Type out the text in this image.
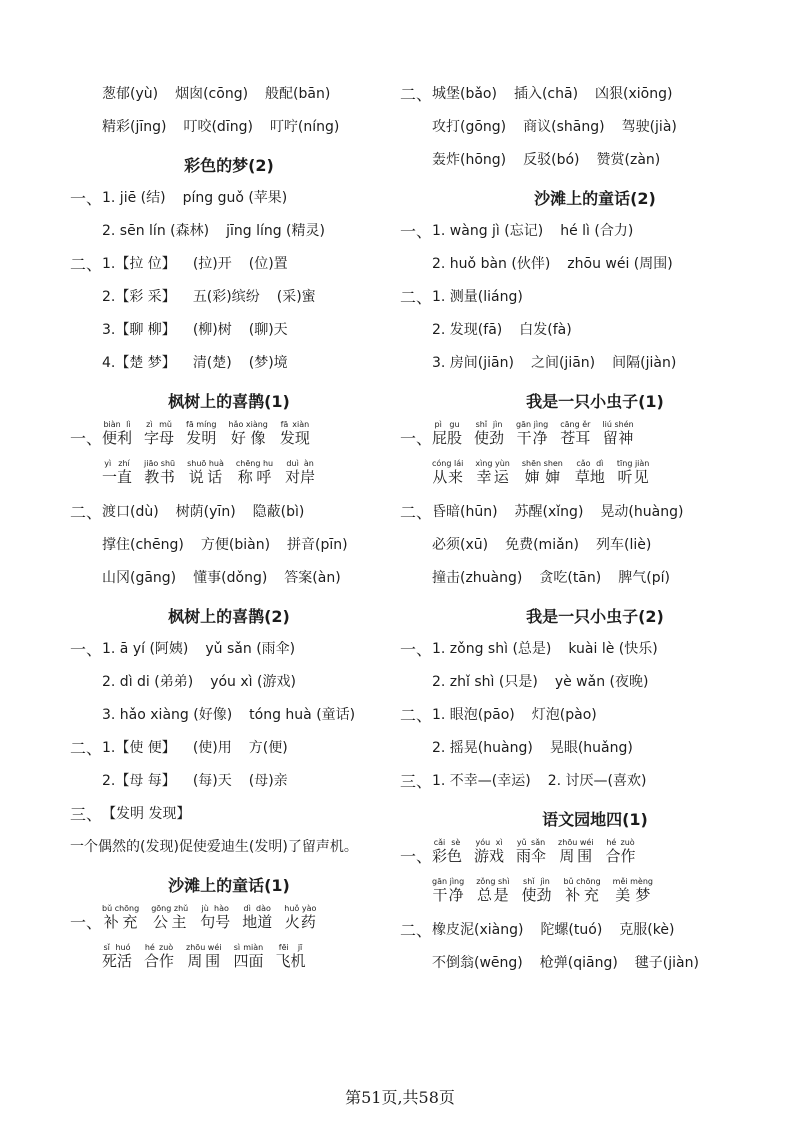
葱郁(yù) 烟囱(cōng) 般配(bān)
精彩(jīng) 叮咬(dīng) 叮咛(níng)
彩色的梦(2)
一、 1. jiē (结) píng guǒ (苹果)
2. sēn lín (森林) jīng líng (精灵)
二、 1.【拉 位】 (拉)开 (位)置
2.【彩 采】 五(彩)缤纷 (采)蜜
3.【聊 柳】 (柳)树 (聊)天
4.【楚 梦】 清(楚) (梦)境
枫树上的喜鹊(1)
一、 便利biàn lì
字母zì mǔ
发明fā míng
好像hǎo xiàng
发现fā xiàn
一直yì zhí
教书jiāo shū
说话shuō huà
称呼chēng hu
对岸duì àn
二、 渡口(dù) 树荫(yīn) 隐蔽(bì)
撑住(chēng) 方便(biàn) 拼音(pīn)
山冈(gāng) 懂事(dǒng) 答案(àn)
枫树上的喜鹊(2)
一、 1. ā yí (阿姨) yǔ sǎn (雨伞)
2. dì di (弟弟) yóu xì (游戏)
3. hǎo xiàng (好像) tóng huà (童话)
二、 1.【使 便】 (使)用 方(便)
2.【母 每】 (每)天 (母)亲
三、 【发明 发现】
一个偶然的(发现)促使爱迪生(发明)了留声机。
沙滩上的童话(1)
一、 补充bǔ chōng
公主gōng zhǔ
句号jù hào
地道dì dào
火药huǒ yào
死活sǐ huó
合作hé zuò
周围zhōu wéi
四面sì miàn
飞机fēi jī
二、 城堡(bǎo) 插入(chā) 凶狠(xiōng)
攻打(gōng) 商议(shāng) 驾驶(jià)
轰炸(hōng) 反驳(bó) 赞赏(zàn)
沙滩上的童话(2)
一、 1. wàng jì (忘记) hé lì (合力)
2. huǒ bàn (伙伴) zhōu wéi (周围)
二、 1. 测量(liáng)
2. 发现(fā) 白发(fà)
3. 房间(jiān) 之间(jiān) 间隔(jiàn)
我是一只小虫子(1)
一、 屁股pì gu
使劲shǐ jìn
干净gān jìng
苍耳cāng ěr
留神liú shén
从来cóng lái
幸运xìng yùn
婶婶shēn shen
草地cǎo dì
听见tīng jiàn
二、 昏暗(hūn) 苏醒(xǐng) 晃动(huàng)
必须(xū) 免费(miǎn) 列车(liè)
撞击(zhuàng) 贪吃(tān) 脾气(pí)
我是一只小虫子(2)
一、 1. zǒng shì (总是) kuài lè (快乐)
2. zhǐ shì (只是) yè wǎn (夜晚)
二、 1. 眼泡(pāo) 灯泡(pào)
2. 摇晃(huàng) 晃眼(huǎng)
三、 1. 不幸—(幸运) 2. 讨厌—(喜欢)
语文园地四(1)
一、 彩色cǎi sè
游戏yóu xì
雨伞yǔ sǎn
周围zhōu wéi
合作hé zuò
干净gān jìng
总是zǒng shì
使劲shǐ jìn
补充bǔ chōng
美梦měi mèng
二、 橡皮泥(xiàng) 陀螺(tuó) 克服(kè)
不倒翁(wēng) 枪弹(qiāng) 毽子(jiàn)
第51页,共58页
